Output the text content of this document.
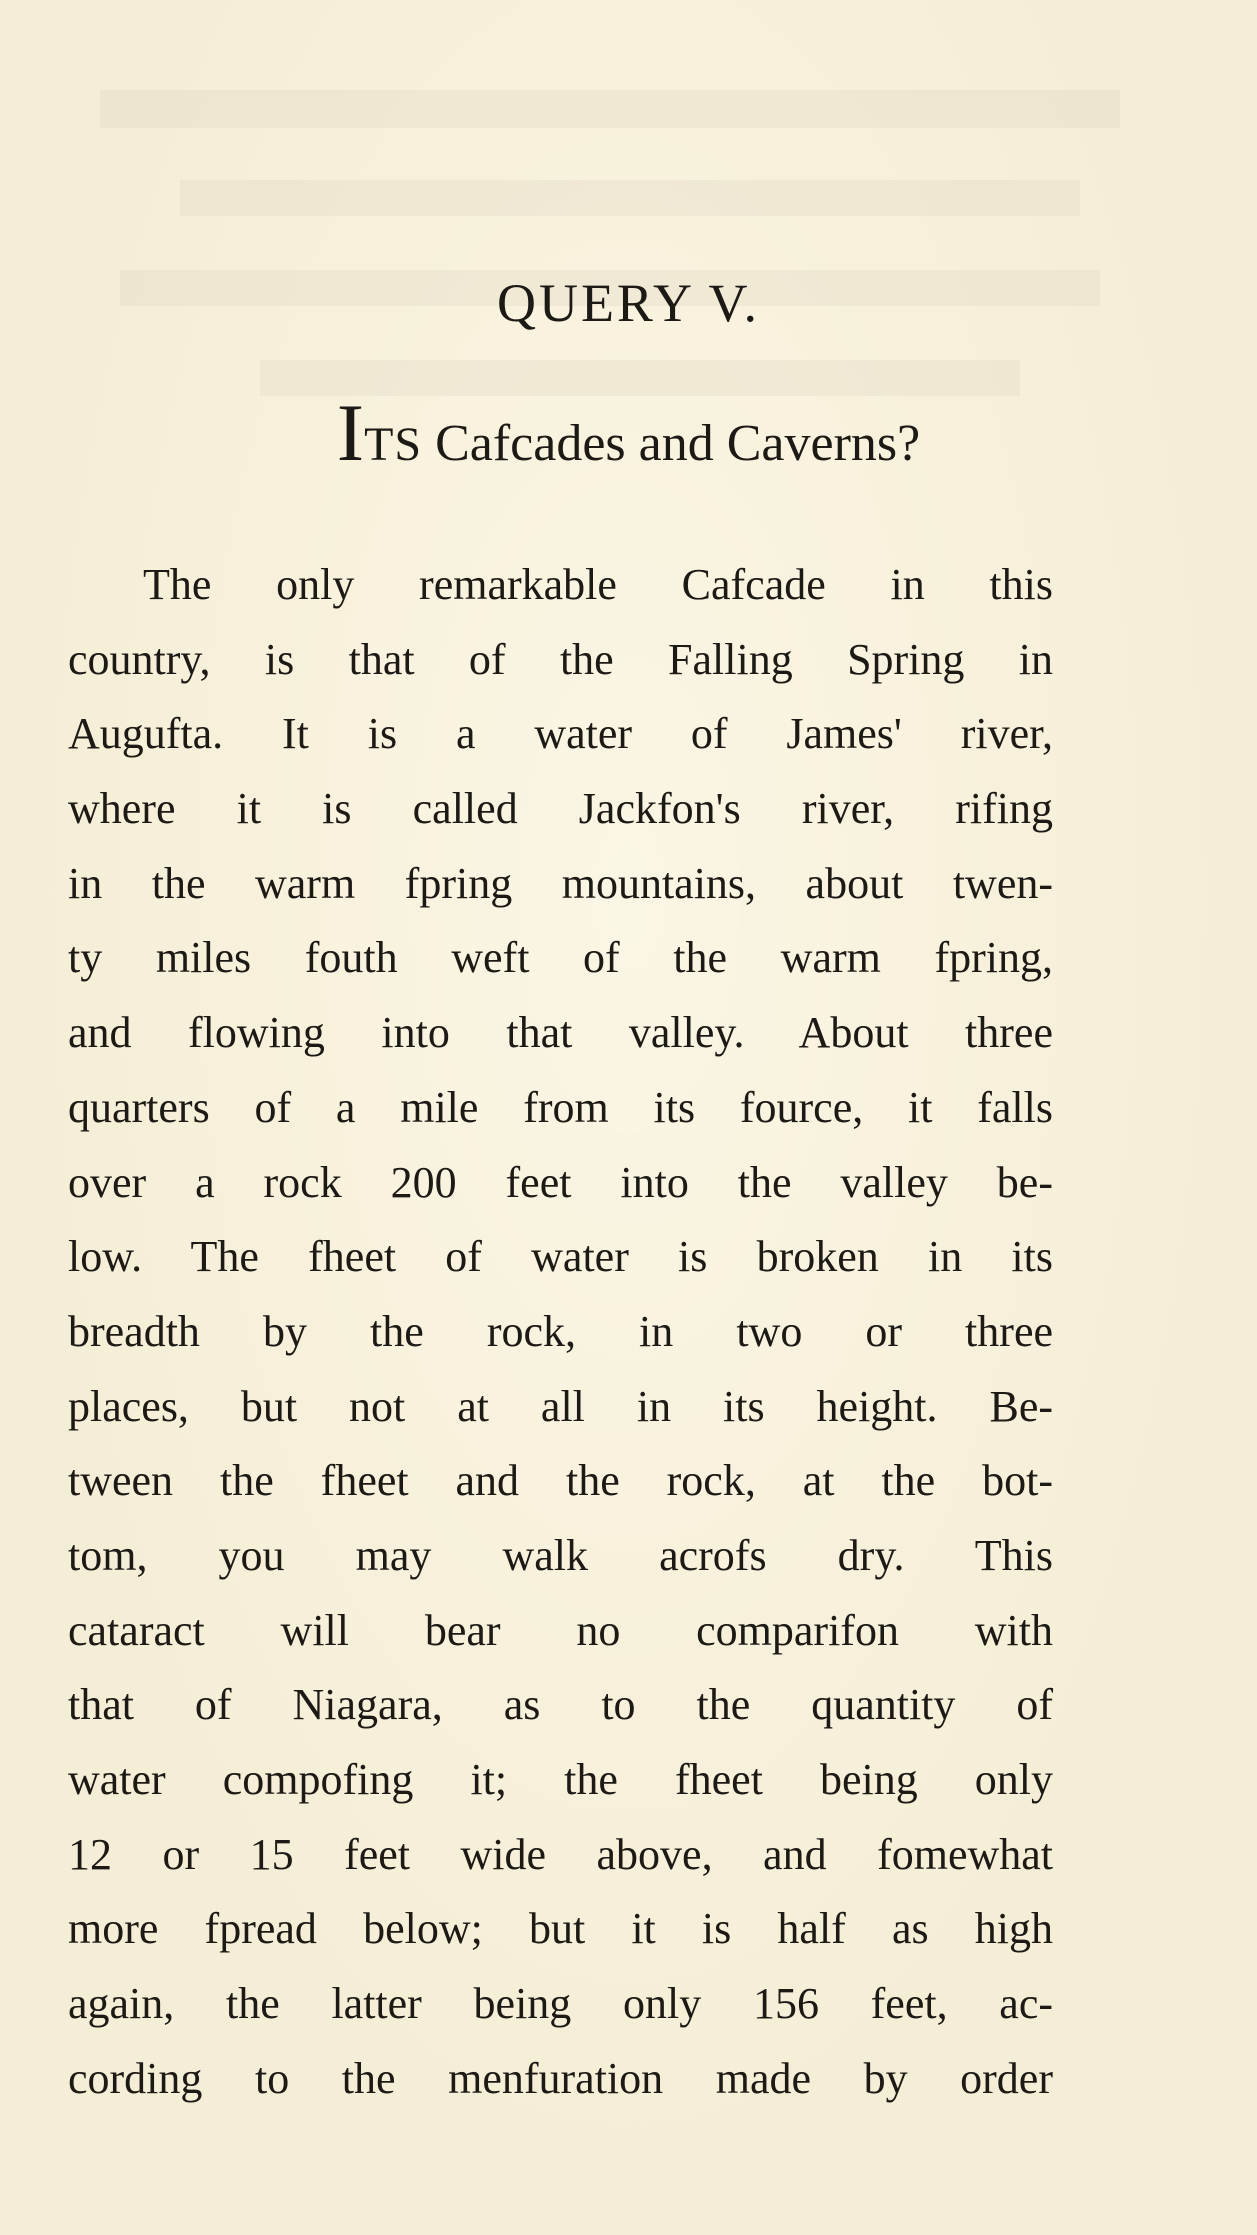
QUERY V.
ITS Cafcades and Caverns?
The only remarkable Cafcade in this
country, is that of the Falling Spring in
Augufta. It is a water of James' river,
where it is called Jackfon's river, rifing
in the warm fpring mountains, about twen-
ty miles fouth weft of the warm fpring,
and flowing into that valley. About three
quarters of a mile from its fource, it falls
over a rock 200 feet into the valley be-
low. The fheet of water is broken in its
breadth by the rock, in two or three
places, but not at all in its height. Be-
tween the fheet and the rock, at the bot-
tom, you may walk acrofs dry. This
cataract will bear no comparifon with
that of Niagara, as to the quantity of
water compofing it; the fheet being only
12 or 15 feet wide above, and fomewhat
more fpread below; but it is half as high
again, the latter being only 156 feet, ac-
cording to the menfuration made by order
